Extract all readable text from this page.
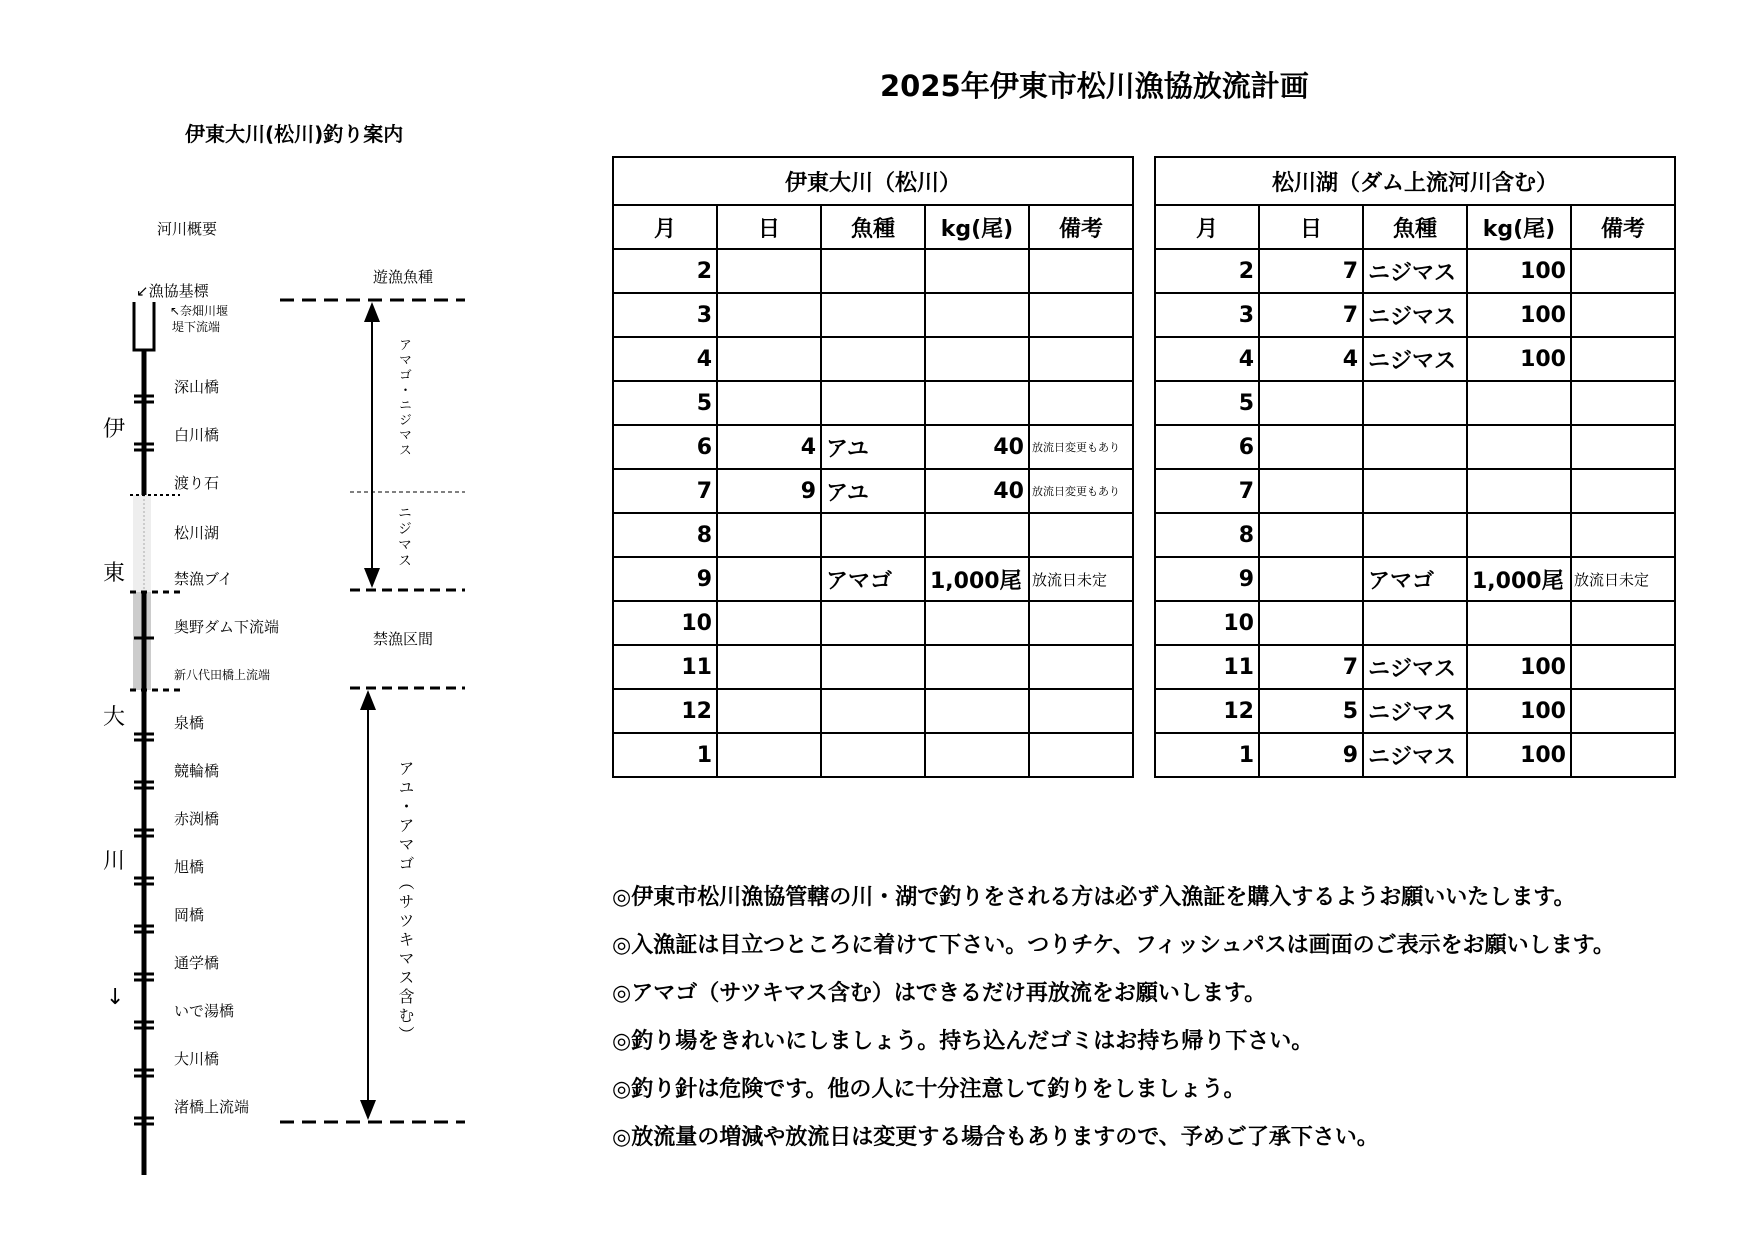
2025年伊東市松川漁協放流計画
伊東大川(松川)釣り案内
河川概要
↙漁協基標
↖奈畑川堰
堤下流端
伊
東
大
川
↓
深山橋
白川橋
渡り石
松川湖
禁漁ブイ
奥野ダム下流端
新八代田橋上流端
泉橋
競輪橋
赤渕橋
旭橋
岡橋
通学橋
いで湯橋
大川橋
渚橋上流端
遊漁魚種
アマゴ・ニジマス
ニジマス
禁漁区間
アユ・アマゴ（サツキマス含む）
伊東大川（松川）				
月	日	魚種	kg(尾)	備考
2				
3				
4				
5				
6	4	アユ	40	放流日変更もあり
7	9	アユ	40	放流日変更もあり
8				
9		アマゴ	1,000尾	放流日未定
10				
11				
12				
1				
松川湖（ダム上流河川含む）				
月	日	魚種	kg(尾)	備考
2	7	ニジマス	100	
3	7	ニジマス	100	
4	4	ニジマス	100	
5				
6				
7				
8				
9		アマゴ	1,000尾	放流日未定
10				
11	7	ニジマス	100	
12	5	ニジマス	100	
1	9	ニジマス	100	
◎伊東市松川漁協管轄の川・湖で釣りをされる方は必ず入漁証を購入するようお願いいたします。
◎入漁証は目立つところに着けて下さい。つりチケ、フィッシュパスは画面のご表示をお願いします。
◎アマゴ（サツキマス含む）はできるだけ再放流をお願いします。
◎釣り場をきれいにしましょう。持ち込んだゴミはお持ち帰り下さい。
◎釣り針は危険です。他の人に十分注意して釣りをしましょう。
◎放流量の増減や放流日は変更する場合もありますので、予めご了承下さい。
